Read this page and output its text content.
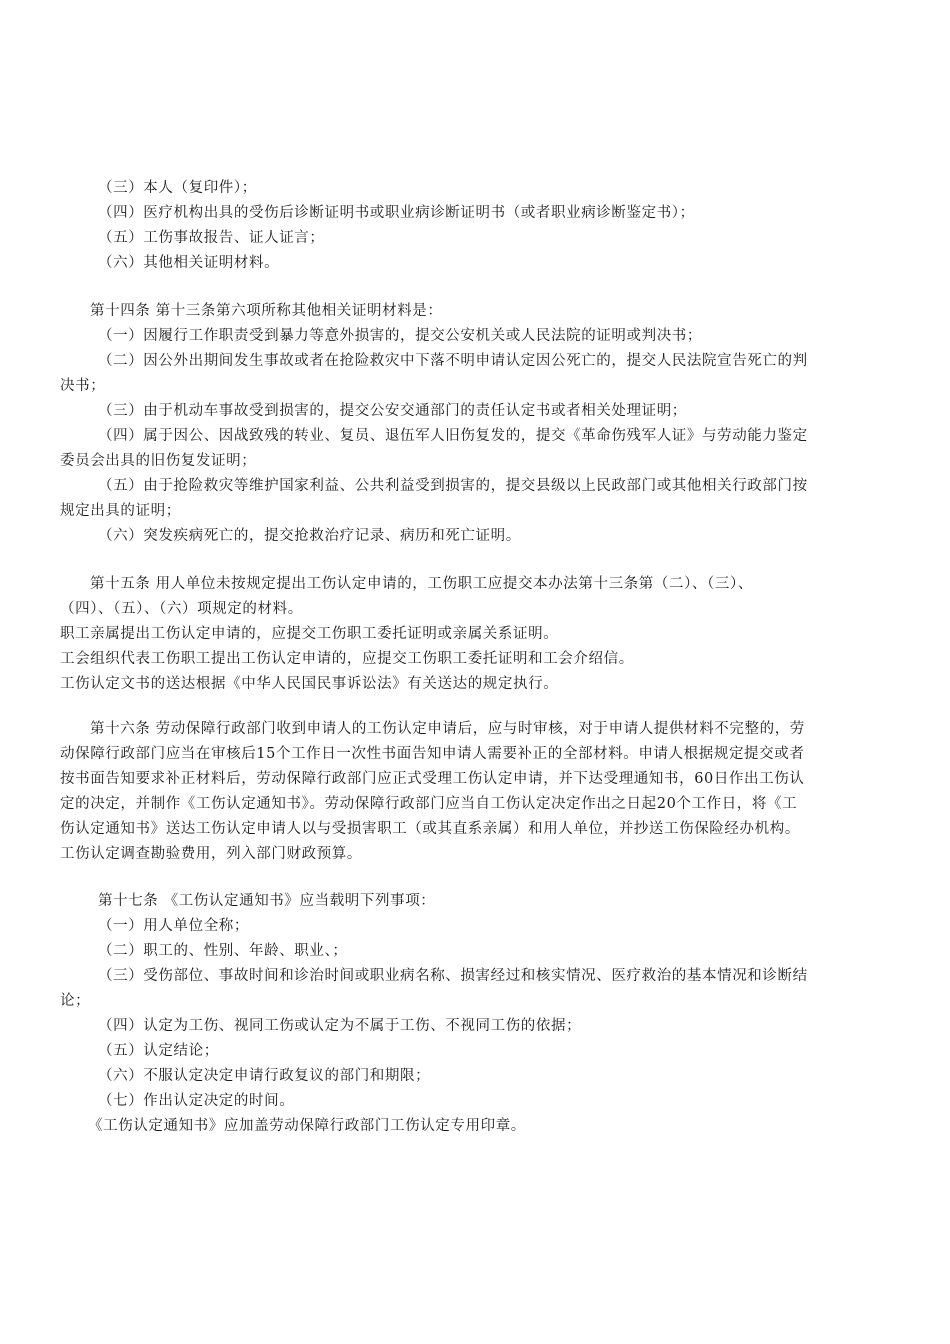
（三）本人（复印件）；
（四）医疗机构出具的受伤后诊断证明书或职业病诊断证明书（或者职业病诊断鉴定书）；
（五）工伤事故报告、证人证言；
（六）其他相关证明材料。
第十四条 第十三条第六项所称其他相关证明材料是：
（一）因履行工作职责受到暴力等意外损害的，提交公安机关或人民法院的证明或判决书；
（二）因公外出期间发生事故或者在抢险救灾中下落不明申请认定因公死亡的，提交人民法院宣告死亡的判
决书；
（三）由于机动车事故受到损害的，提交公安交通部门的责任认定书或者相关处理证明；
（四）属于因公、因战致残的转业、复员、退伍军人旧伤复发的，提交《革命伤残军人证》与劳动能力鉴定
委员会出具的旧伤复发证明；
（五）由于抢险救灾等维护国家利益、公共利益受到损害的，提交县级以上民政部门或其他相关行政部门按
规定出具的证明；
（六）突发疾病死亡的，提交抢救治疗记录、病历和死亡证明。
第十五条 用人单位未按规定提出工伤认定申请的，工伤职工应提交本办法第十三条第（二）、（三）、
（四）、（五）、（六）项规定的材料。
职工亲属提出工伤认定申请的，应提交工伤职工委托证明或亲属关系证明。
工会组织代表工伤职工提出工伤认定申请的，应提交工伤职工委托证明和工会介绍信。
工伤认定文书的送达根据《中华人民国民事诉讼法》有关送达的规定执行。
第十六条 劳动保障行政部门收到申请人的工伤认定申请后，应与时审核，对于申请人提供材料不完整的，劳
动保障行政部门应当在审核后15个工作日一次性书面告知申请人需要补正的全部材料。申请人根据规定提交或者
按书面告知要求补正材料后，劳动保障行政部门应正式受理工伤认定申请，并下达受理通知书，60日作出工伤认
定的决定，并制作《工伤认定通知书》。劳动保障行政部门应当自工伤认定决定作出之日起20个工作日，将《工
伤认定通知书》送达工伤认定申请人以与受损害职工（或其直系亲属）和用人单位，并抄送工伤保险经办机构。
工伤认定调查勘验费用，列入部门财政预算。
第十七条 《工伤认定通知书》应当载明下列事项：
（一）用人单位全称；
（二）职工的、性别、年龄、职业、；
（三）受伤部位、事故时间和诊治时间或职业病名称、损害经过和核实情况、医疗救治的基本情况和诊断结
论；
（四）认定为工伤、视同工伤或认定为不属于工伤、不视同工伤的依据；
（五）认定结论；
（六）不服认定决定申请行政复议的部门和期限；
（七）作出认定决定的时间。
《工伤认定通知书》应加盖劳动保障行政部门工伤认定专用印章。
